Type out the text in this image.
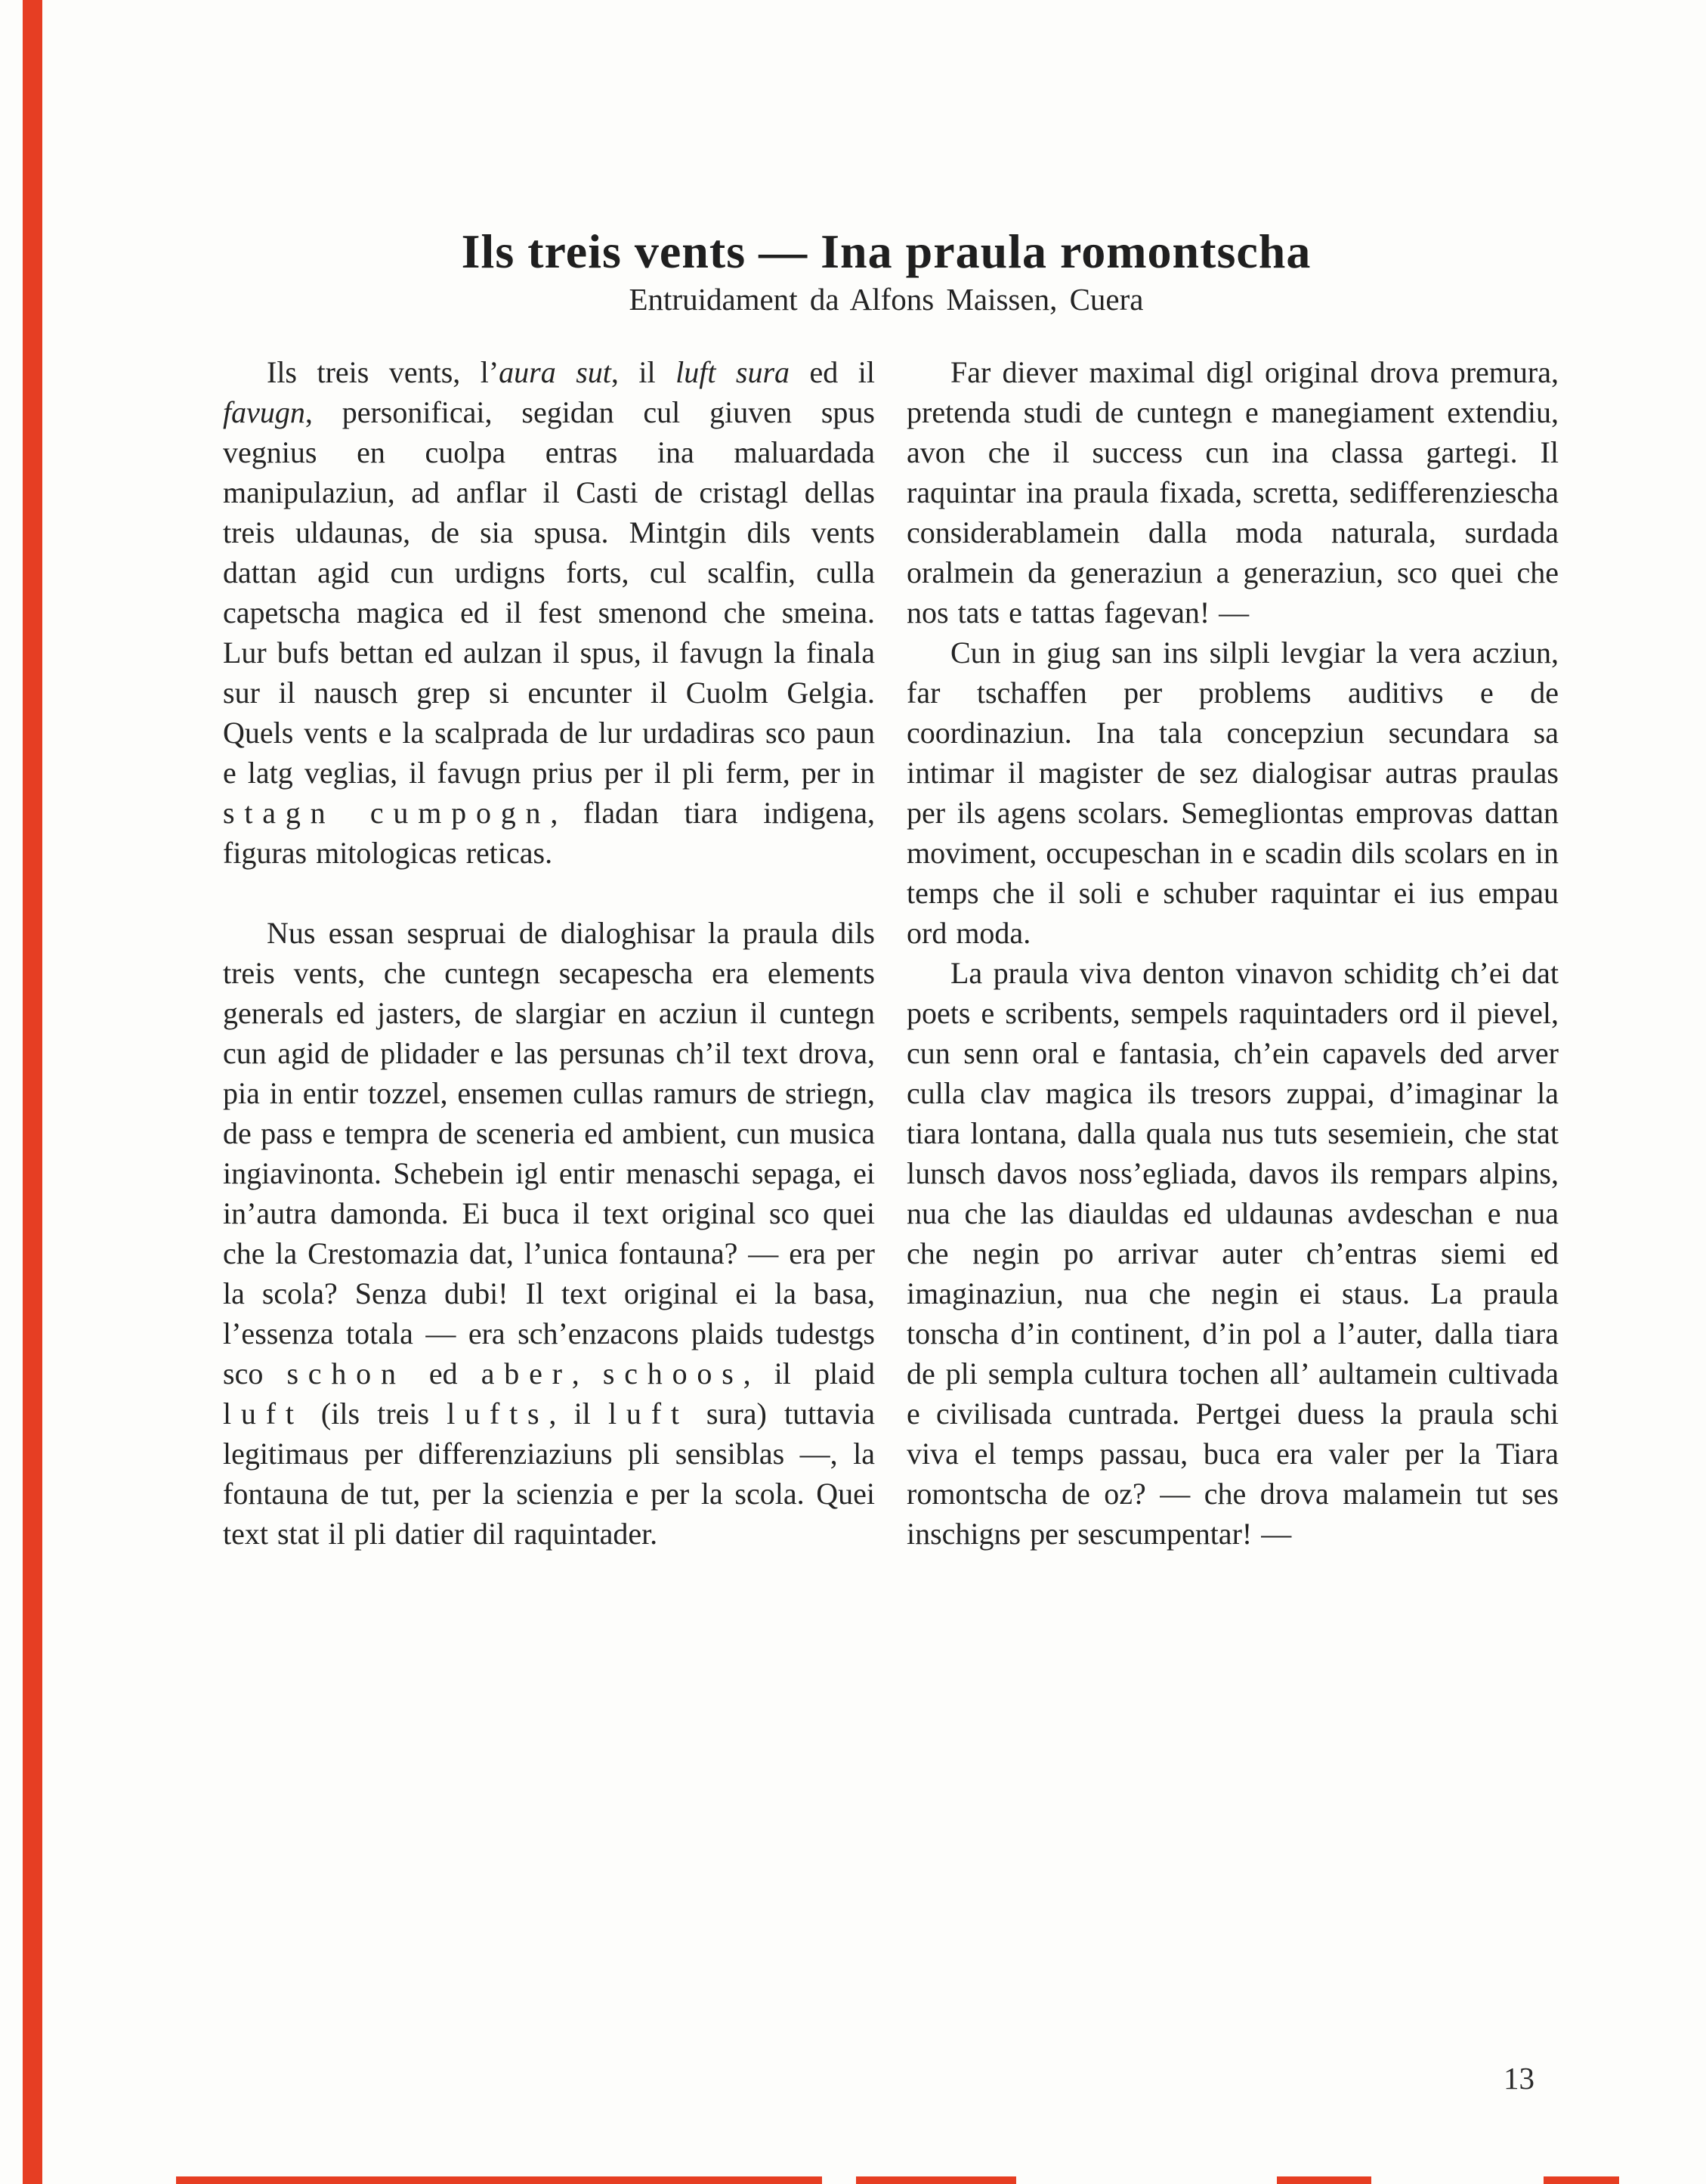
Ils treis vents — Ina praula romontscha
Entruidament da Alfons Maissen, Cuera

Ils treis vents, l’aura sut, il luft sura ed il favugn, personificai, segidan cul giuven spus vegnius en cuolpa entras ina maluardada manipulaziun, ad anflar il Casti de cristagl dellas treis uldaunas, de sia spusa. Mintgin dils vents dattan agid cun urdigns forts, cul scalfin, culla capetscha magica ed il fest smenond che smeina. Lur bufs bettan ed aulzan il spus, il favugn la finala sur il nausch grep si encunter il Cuolm Gelgia. Quels vents e la scalprada de lur urdadiras sco paun e latg veglias, il favugn prius per il pli ferm, per in stagn cumpogn, fladan tiara indigena, figuras mitologicas reticas.

Nus essan sespruai de dialoghisar la praula dils treis vents, che cuntegn secapescha era elements generals ed jasters, de slargiar en acziun il cuntegn cun agid de plidader e las persunas ch’il text drova, pia in entir tozzel, ensemen cullas ramurs de striegn, de pass e tempra de sceneria ed ambient, cun musica ingiavinonta. Schebein igl entir menaschi sepaga, ei in’autra damonda. Ei buca il text original sco quei che la Crestomazia dat, l’unica fontauna? — era per la scola? Senza dubi! Il text original ei la basa, l’essenza totala — era sch’enzacons plaids tudestgs sco schon ed aber, schoos, il plaid luft (ils treis lufts, il luft sura) tuttavia legitimaus per differenziaziuns pli sensiblas —, la fontauna de tut, per la scienzia e per la scola. Quei text stat il pli datier dil raquintader.

Far diever maximal digl original drova premura, pretenda studi de cuntegn e manegiament extendiu, avon che il success cun ina classa gartegi. Il raquintar ina praula fixada, scretta, sedifferenziescha considerablamein dalla moda naturala, surdada oralmein da generaziun a generaziun, sco quei che nos tats e tattas fagevan! —

Cun in giug san ins silpli levgiar la vera acziun, far tschaffen per problems auditivs e de coordinaziun. Ina tala concepziun secundara sa intimar il magister de sez dialogisar autras praulas per ils agens scolars. Semegliontas emprovas dattan moviment, occupeschan in e scadin dils scolars en in temps che il soli e schuber raquintar ei ius empau ord moda.

La praula viva denton vinavon schiditg ch’ei dat poets e scribents, sempels raquintaders ord il pievel, cun senn oral e fantasia, ch’ein capavels ded arver culla clav magica ils tresors zuppai, d’imaginar la tiara lontana, dalla quala nus tuts sesemiein, che stat lunsch davos noss’egliada, davos ils rempars alpins, nua che las diauldas ed uldaunas avdeschan e nua che negin po arrivar auter ch’entras siemi ed imaginaziun, nua che negin ei staus. La praula tonscha d’in continent, d’in pol a l’auter, dalla tiara de pli sempla cultura tochen all’ aultamein cultivada e civilisada cuntrada. Pertgei duess la praula schi viva el temps passau, buca era valer per la Tiara romontscha de oz? — che drova malamein tut ses inschigns per sescumpentar! —

13
